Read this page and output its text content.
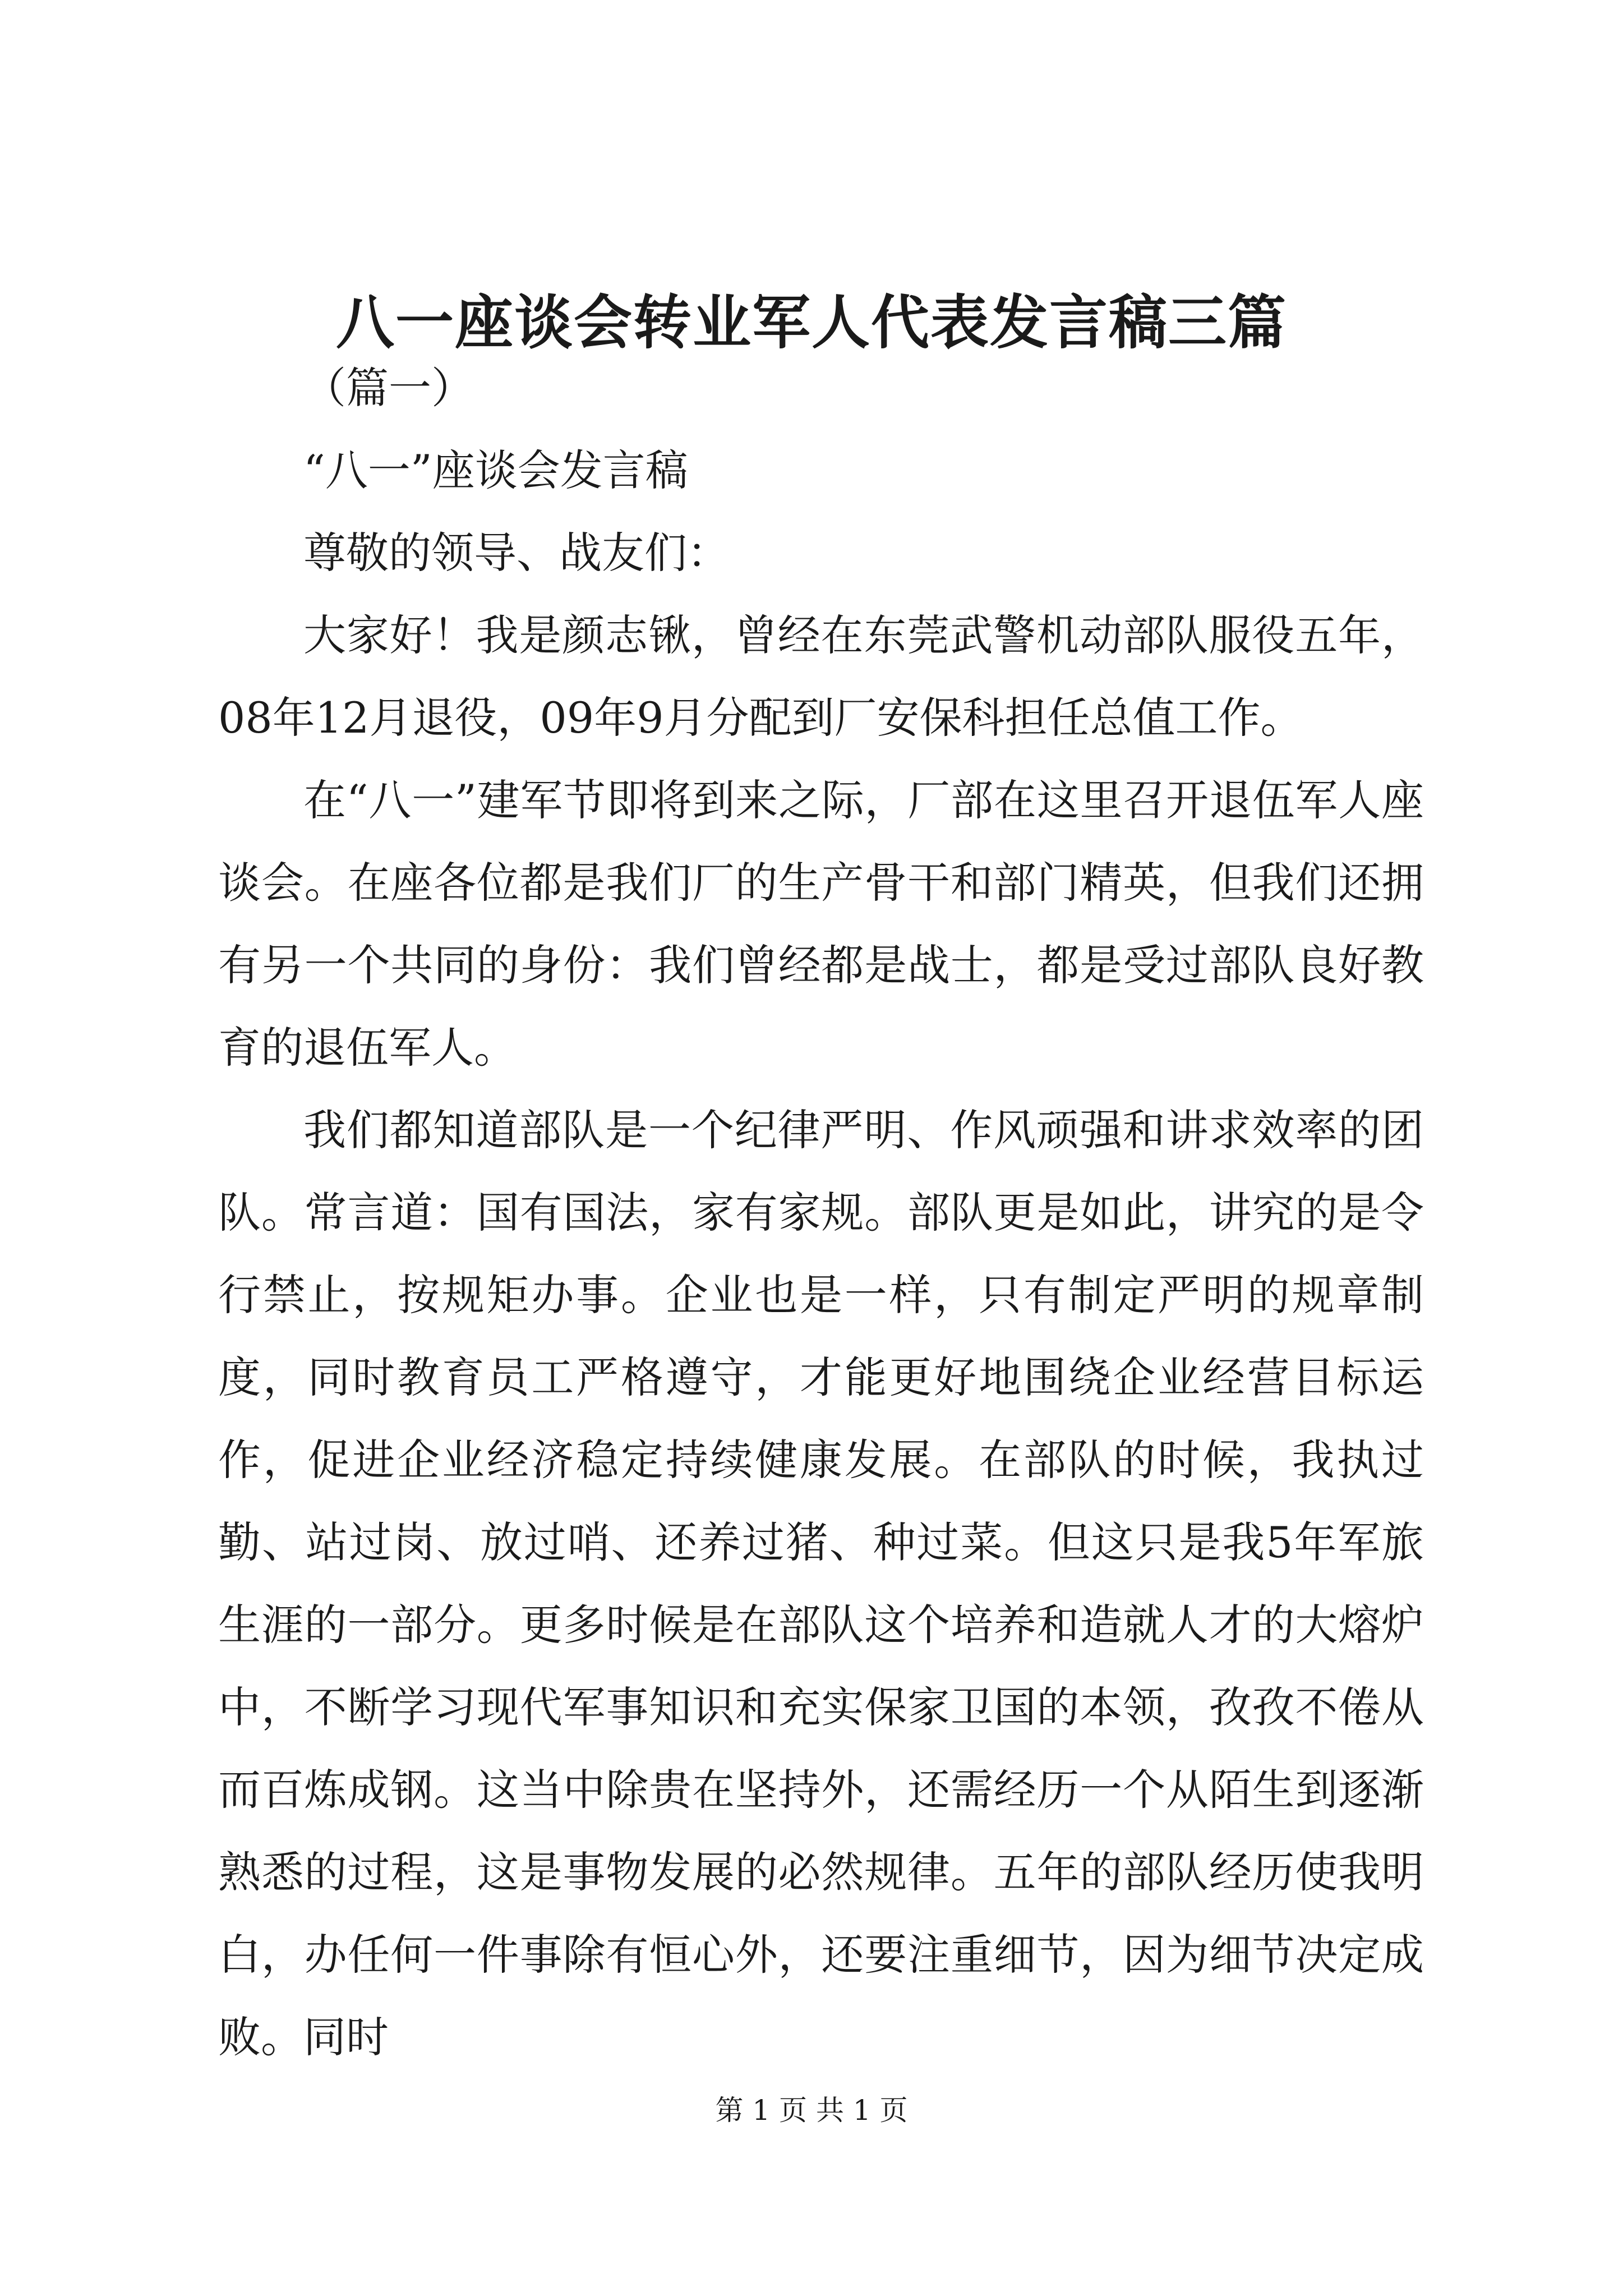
八一座谈会转业军人代表发言稿三篇

（篇一）

“八一”座谈会发言稿

尊敬的领导、战友们：

大家好！我是颜志锹，曾经在东莞武警机动部队服役五年，08年12月退役，09年9月分配到厂安保科担任总值工作。

在“八一”建军节即将到来之际，厂部在这里召开退伍军人座谈会。在座各位都是我们厂的生产骨干和部门精英，但我们还拥有另一个共同的身份：我们曾经都是战士，都是受过部队良好教育的退伍军人。

我们都知道部队是一个纪律严明、作风顽强和讲求效率的团队。常言道：国有国法，家有家规。部队更是如此，讲究的是令行禁止，按规矩办事。企业也是一样，只有制定严明的规章制度，同时教育员工严格遵守，才能更好地围绕企业经营目标运作，促进企业经济稳定持续健康发展。在部队的时候，我执过勤、站过岗、放过哨、还养过猪、种过菜。但这只是我5年军旅生涯的一部分。更多时候是在部队这个培养和造就人才的大熔炉中，不断学习现代军事知识和充实保家卫国的本领，孜孜不倦从而百炼成钢。这当中除贵在坚持外，还需经历一个从陌生到逐渐熟悉的过程，这是事物发展的必然规律。五年的部队经历使我明白，办任何一件事除有恒心外，还要注重细节，因为细节决定成败。同时

第 1 页 共 1 页
